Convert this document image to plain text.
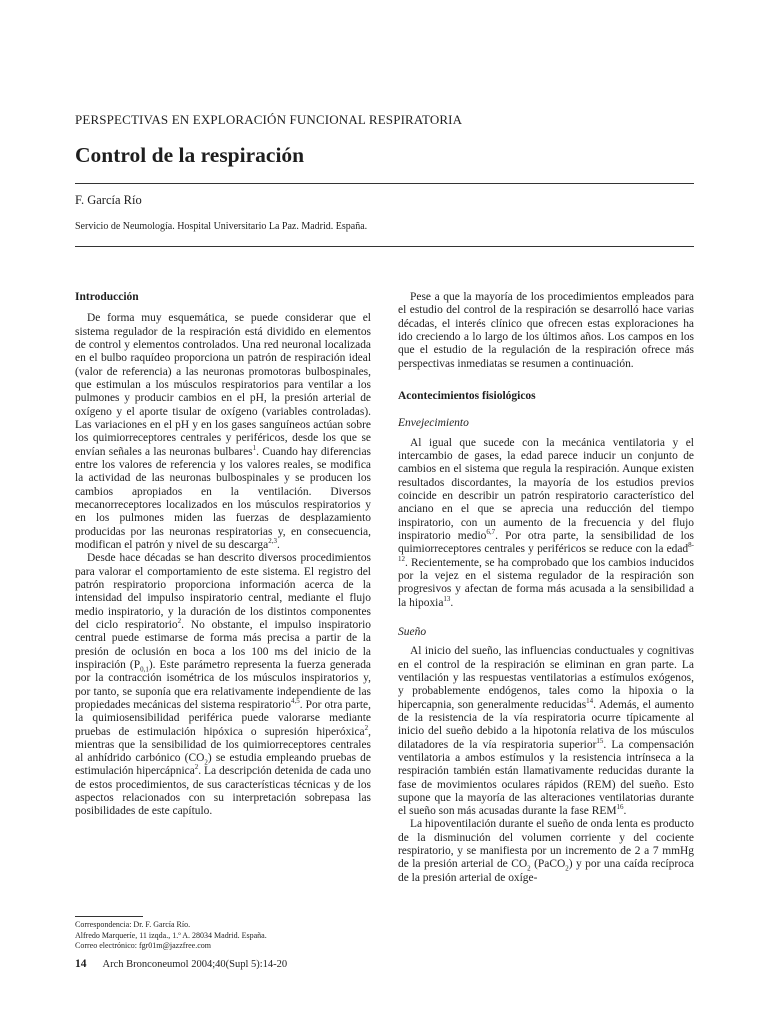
PERSPECTIVAS EN EXPLORACIÓN FUNCIONAL RESPIRATORIA
Control de la respiración
F. García Río
Servicio de Neumología. Hospital Universitario La Paz. Madrid. España.
Introducción

De forma muy esquemática, se puede considerar que el sistema regulador de la respiración está dividido en elementos de control y elementos controlados. Una red neuronal localizada en el bulbo raquídeo proporciona un patrón de respiración ideal (valor de referencia) a las neuronas promotoras bulbospinales, que estimulan a los músculos respiratorios para ventilar a los pulmones y producir cambios en el pH, la presión arterial de oxígeno y el aporte tisular de oxígeno (variables controladas). Las variaciones en el pH y en los gases sanguíneos actúan sobre los quimiorreceptores centrales y periféricos, desde los que se envían señales a las neuronas bulbares$^1$. Cuando hay diferencias entre los valores de referencia y los valores reales, se modifica la actividad de las neuronas bulbospinales y se producen los cambios apropiados en la ventilación. Diversos mecanorreceptores localizados en los músculos respiratorios y en los pulmones miden las fuerzas de desplazamiento producidas por las neuronas respiratorias y, en consecuencia, modifican el patrón y nivel de su descarga$^{2,3}$.

Desde hace décadas se han descrito diversos procedimientos para valorar el comportamiento de este sistema. El registro del patrón respiratorio proporciona información acerca de la intensidad del impulso inspiratorio central, mediante el flujo medio inspiratorio, y la duración de los distintos componentes del ciclo respiratorio$^2$. No obstante, el impulso inspiratorio central puede estimarse de forma más precisa a partir de la presión de oclusión en boca a los 100 ms del inicio de la inspiración $(P_{0,1})$. Este parámetro representa la fuerza generada por la contracción isométrica de los músculos inspiratorios y, por tanto, se suponía que era relativamente independiente de las propiedades mecánicas del sistema respiratorio$^{4,5}$. Por otra parte, la quimiosensibilidad periférica puede valorarse mediante pruebas de estimulación hipóxica o supresión hiperóxica$^2$, mientras que la sensibilidad de los quimiorreceptores centrales al anhídrido carbónico $(CO_2)$ se estudia empleando pruebas de estimulación hipercápnica$^2$. La descripción detenida de cada uno de estos procedimientos, de sus características técnicas y de los aspectos relacionados con su interpretación sobrepasa las posibilidades de este capítulo.

Pese a que la mayoría de los procedimientos empleados para el estudio del control de la respiración se desarrolló hace varias décadas, el interés clínico que ofrecen estas exploraciones ha ido creciendo a lo largo de los últimos años. Los campos en los que el estudio de la regulación de la respiración ofrece más perspectivas inmediatas se resumen a continuación.

Acontecimientos fisiológicos
Envejecimiento

Al igual que sucede con la mecánica ventilatoria y el intercambio de gases, la edad parece inducir un conjunto de cambios en el sistema que regula la respiración. Aunque existen resultados discordantes, la mayoría de los estudios previos coincide en describir un patrón respiratorio característico del anciano en el que se aprecia una reducción del tiempo inspiratorio, con un aumento de la frecuencia y del flujo inspiratorio medio$^{6,7}$. Por otra parte, la sensibilidad de los quimiorreceptores centrales y periféricos se reduce con la edad$^{8-12}$. Recientemente, se ha comprobado que los cambios inducidos por la vejez en el sistema regulador de la respiración son progresivos y afectan de forma más acusada a la sensibilidad a la hipoxia$^{13}$.

Sueño

Al inicio del sueño, las influencias conductuales y cognitivas en el control de la respiración se eliminan en gran parte. La ventilación y las respuestas ventilatorias a estímulos exógenos, y probablemente endógenos, tales como la hipoxia o la hipercapnia, son generalmente reducidas$^{14}$. Además, el aumento de la resistencia de la vía respiratoria ocurre típicamente al inicio del sueño debido a la hipotonía relativa de los músculos dilatadores de la vía respiratoria superior$^{15}$. La compensación ventilatoria a ambos estímulos y la resistencia intrínseca a la respiración también están llamativamente reducidas durante la fase de movimientos oculares rápidos (REM) del sueño. Esto supone que la mayoría de las alteraciones ventilatorias durante el sueño son más acusadas durante la fase REM$^{16}$.

La hipoventilación durante el sueño de onda lenta es producto de la disminución del volumen corriente y del cociente respiratorio, y se manifiesta por un incremento de 2 a 7 mmHg de la presión arterial de $CO_2$ (PaCO$_2$) y por una caída recíproca de la presión arterial de oxíge-

Correspondencia: Dr. F. García Río.
Alfredo Marqueríe, 11 izqda., 1.º A. 28034 Madrid. España.
Correo electrónico: fgr01m@jazzfree.com
14 Arch Bronconeumol 2004;40(Supl 5):14-20
